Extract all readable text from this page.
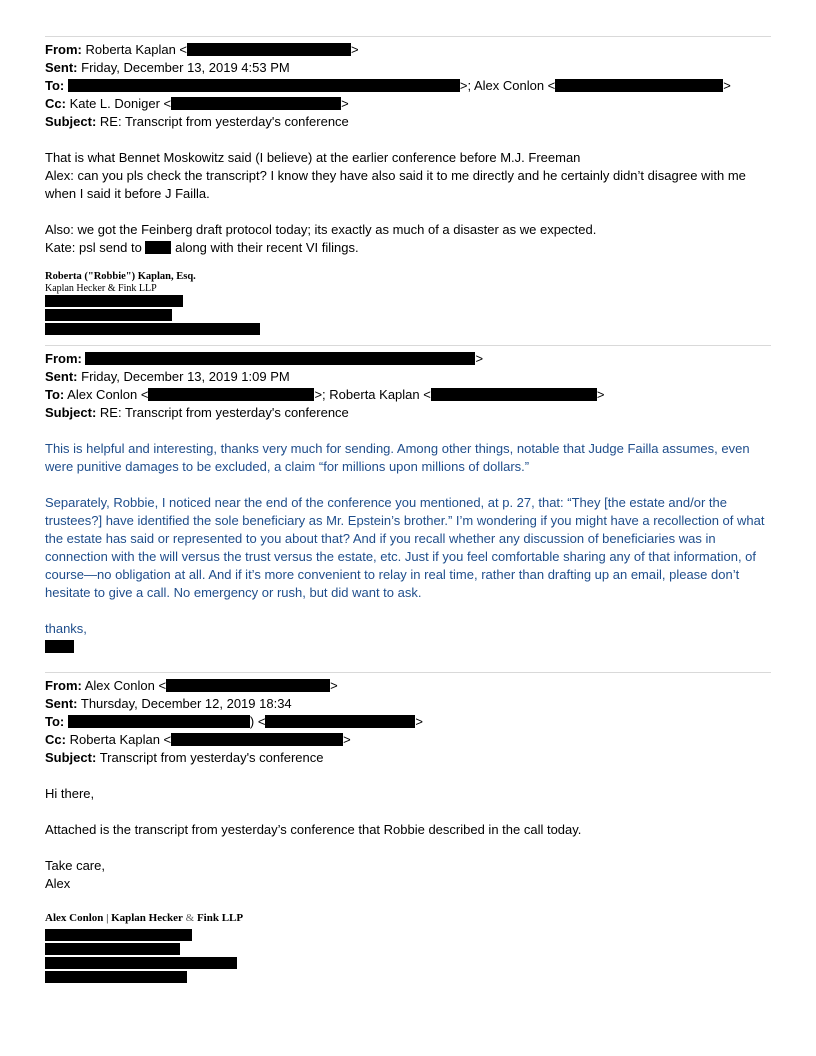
From: Roberta Kaplan <	>
Sent: Friday, December 13, 2019 4:53 PM
To:	>; Alex Conlon <	>
Cc: Kate L. Doniger <	>
Subject: RE: Transcript from yesterday's conference

That is what Bennet Moskowitz said (I believe) at the earlier conference before M.J. Freeman

Alex: can you pls check the transcript? I know they have also said it to me directly and he certainly didn’t disagree with me when I said it before J Failla.

Also: we got the Feinberg draft protocol today; its exactly as much of a disaster as we expected.

Kate: psl send to	along with their recent VI filings.

Roberta ("Robbie") Kaplan, Esq.
Kaplan Hecker & Fink LLP
From:	>
Sent: Friday, December 13, 2019 1:09 PM
To: Alex Conlon <	>; Roberta Kaplan <	>
Subject: RE: Transcript from yesterday's conference

This is helpful and interesting, thanks very much for sending. Among other things, notable that Judge Failla assumes, even were punitive damages to be excluded, a claim “for millions upon millions of dollars.”

Separately, Robbie, I noticed near the end of the conference you mentioned, at p. 27, that: “They [the estate and/or the trustees?] have identified the sole beneficiary as Mr. Epstein’s brother.” I’m wondering if you might have a recollection of what the estate has said or represented to you about that? And if you recall whether any discussion of beneficiaries was in connection with the will versus the trust versus the estate, etc. Just if you feel comfortable sharing any of that information, of course—no obligation at all. And if it’s more convenient to relay in real time, rather than drafting up an email, please don’t hesitate to give a call. No emergency or rush, but did want to ask.

thanks,

From: Alex Conlon <	>
Sent: Thursday, December 12, 2019 18:34
To:	) <	>
Cc: Roberta Kaplan <	>
Subject: Transcript from yesterday's conference

Hi there,

Attached is the transcript from yesterday’s conference that Robbie described in the call today.

Take care,

Alex

Alex Conlon | Kaplan Hecker & Fink LLP
